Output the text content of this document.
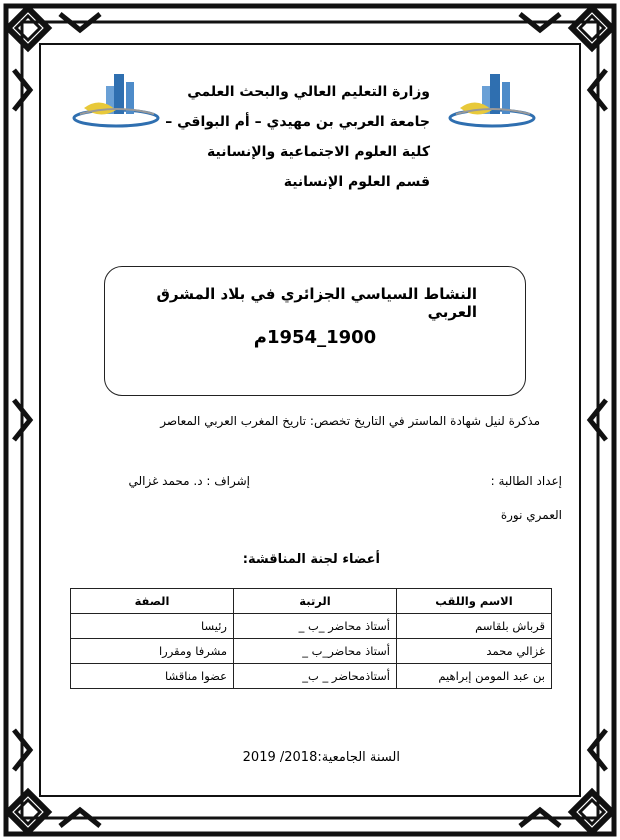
وزارة التعليم العالي والبحث العلمي
جامعة العربي بن مهيدي – أم البواقي –
كلية العلوم الاجتماعية والإنسانية
قسم العلوم الإنسانية
النشاط السياسي الجزائري في بلاد المشرق العربي
1900_1954م
مذكرة لنيل شهادة الماستر في التاريخ تخصص: تاريخ المغرب العربي المعاصر
إعداد الطالبة :
إشراف : د. محمد غزالي
العمري نورة
أعضاء لجنة المناقشة:
الاسم واللقب	الرتبة	الصفة
قرباش بلقاسم	أستاذ محاضر _ب _	رئيسا
غزالي محمد	أستاذ محاضر_ب _	مشرفا ومقررا
بن عبد المومن إبراهيم	أستاذمحاضر _ ب_	عضوا مناقشا
السنة الجامعية:2018/ 2019
